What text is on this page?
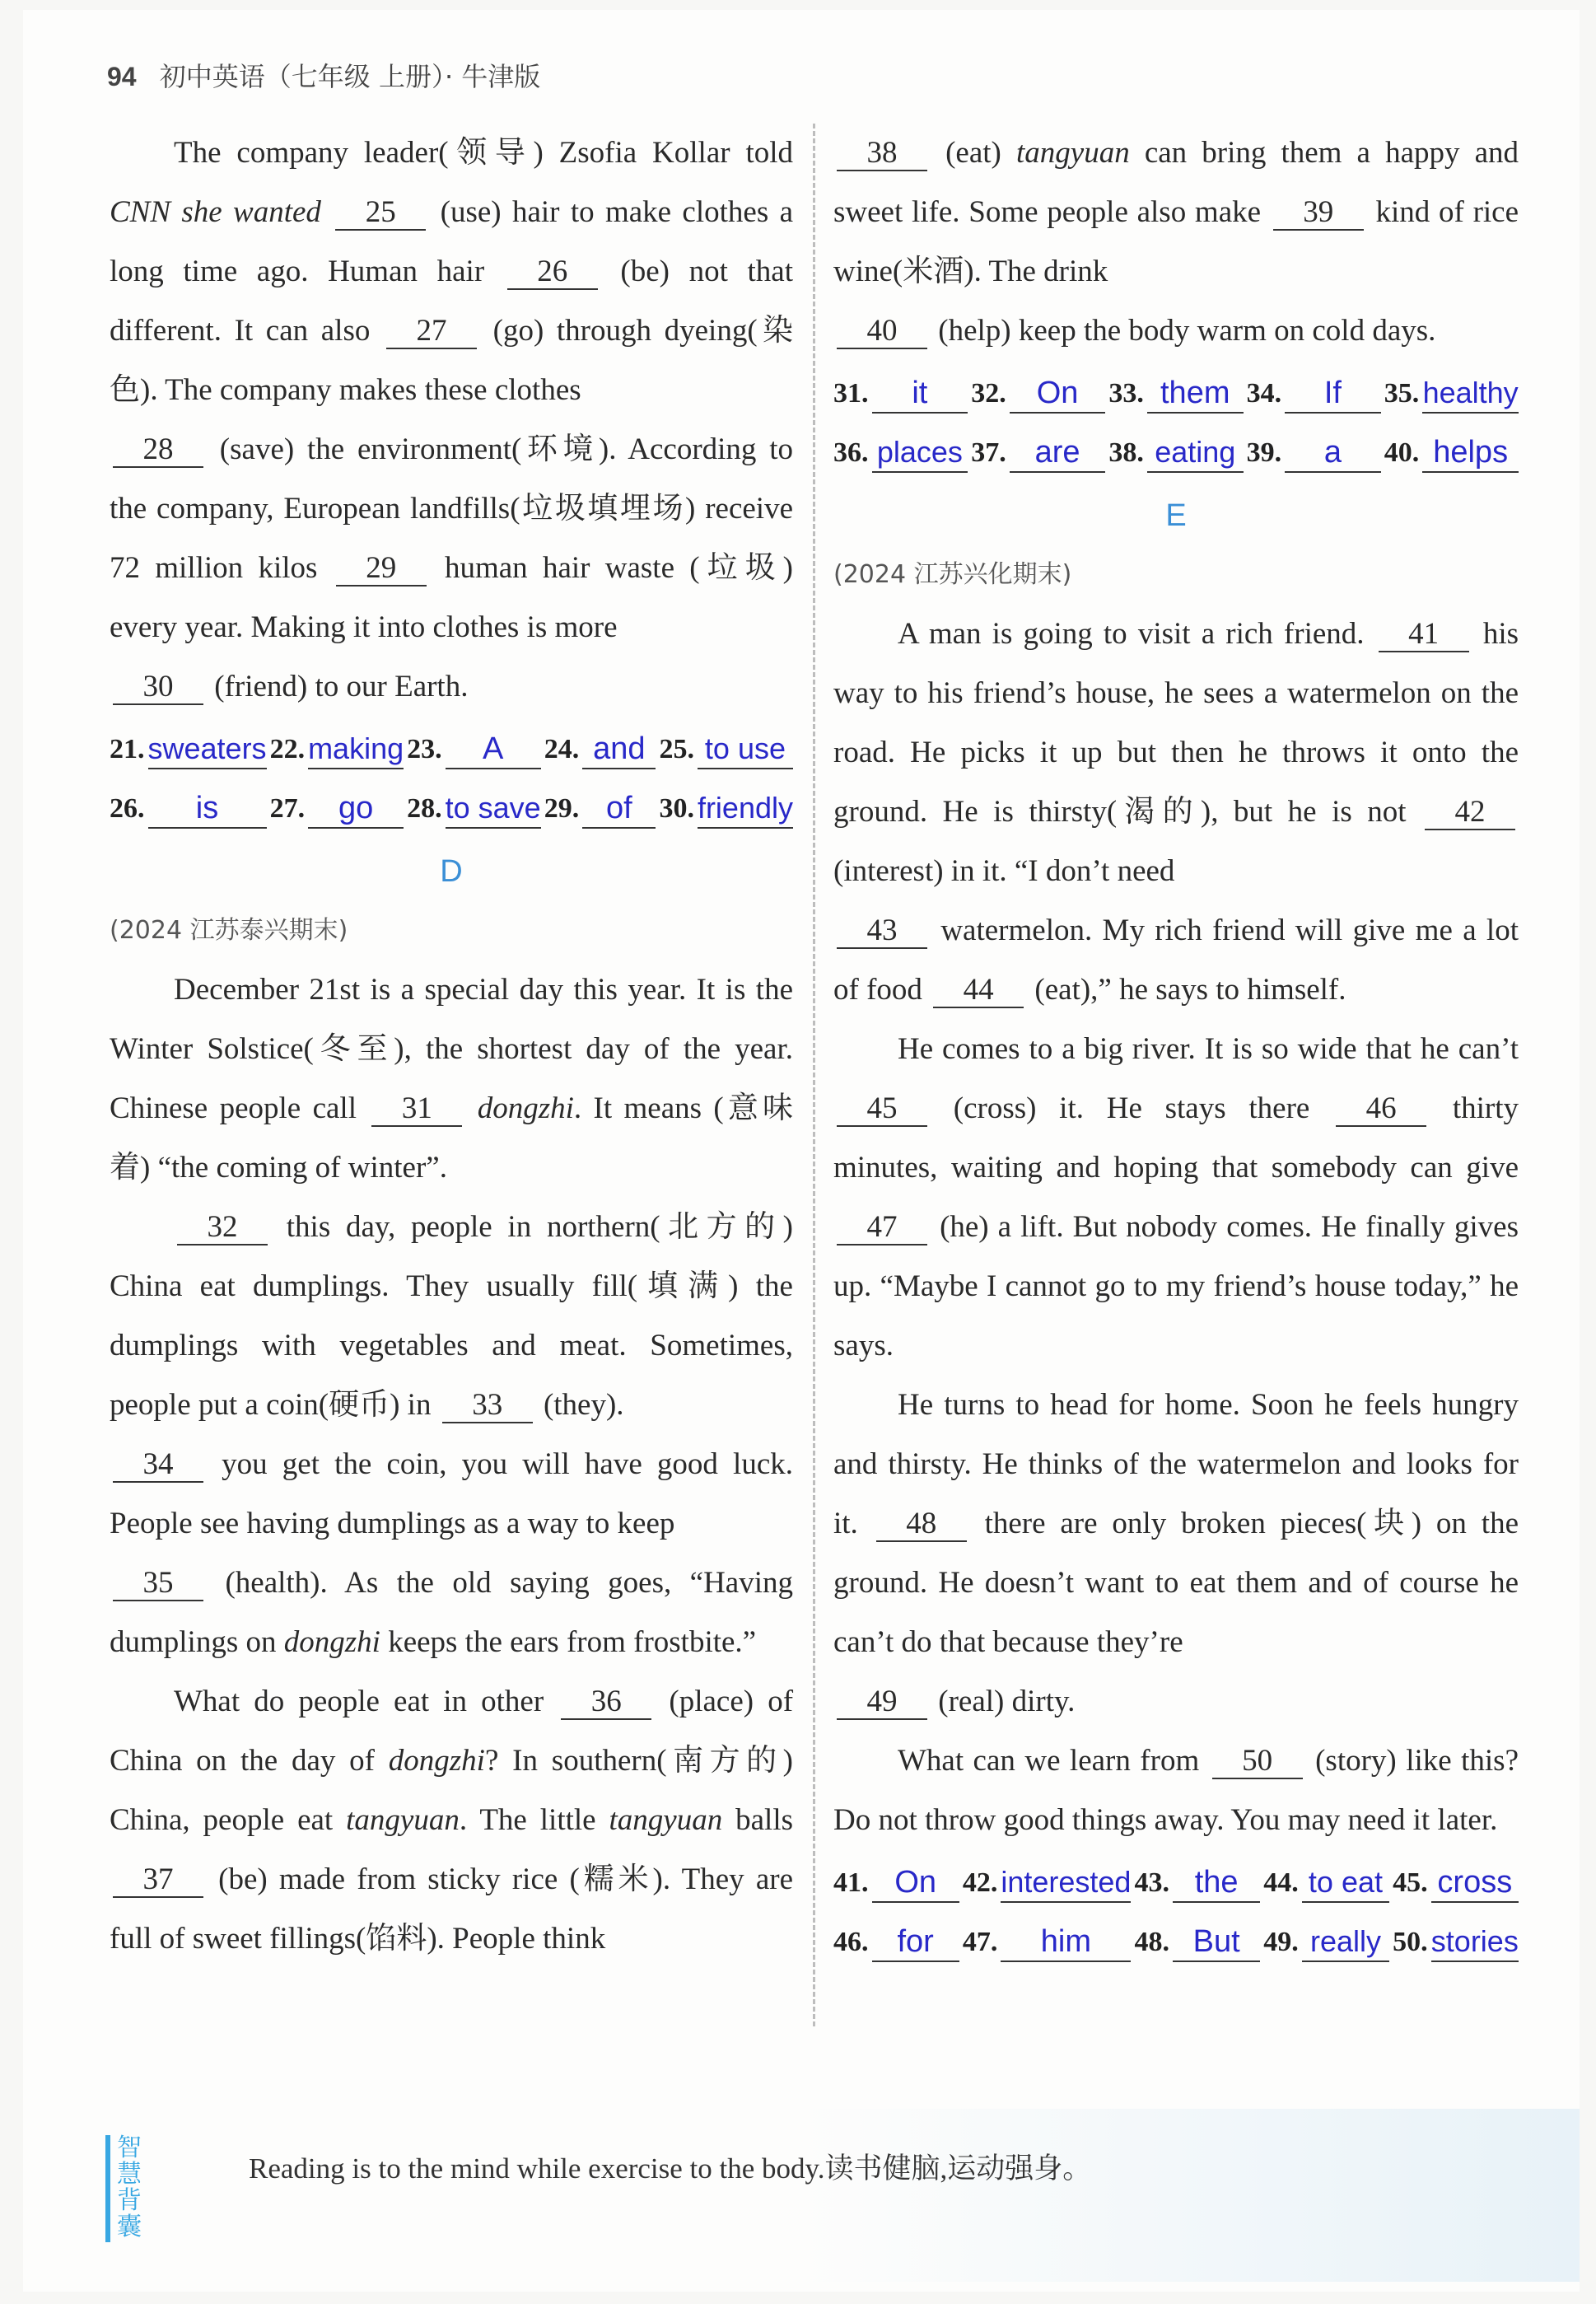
94 初中英语（七年级 上册）· 牛津版

The company leader(领导) Zsofia Kollar told CNN she wanted 25 (use) hair to make clothes a long time ago. Human hair 26 (be) not that different. It can also 27 (go) through dyeing(染色). The company makes these clothes
28 (save) the environment(环境). According to the company, European landfills(垃圾填埋场) receive 72 million kilos 29 human hair waste (垃圾) every year. Making it into clothes is more
30 (friend) to our Earth.

21. sweaters 22. making 23.	A	24. and 25. to use
26.	is	27.	go	28. to save 29. of 30. friendly
D
(2024 江苏泰兴期末)

December 21st is a special day this year. It is the Winter Solstice(冬至), the shortest day of the year. Chinese people call 31 dongzhi. It means (意味着) “the coming of winter”.

32 this day, people in northern(北方的) China eat dumplings. They usually fill(填满) the dumplings with vegetables and meat. Sometimes, people put a coin(硬币) in 33 (they).
34 you get the coin, you will have good luck. People see having dumplings as a way to keep
35 (health). As the old saying goes, “Having dumplings on dongzhi keeps the ears from frostbite.”

What do people eat in other 36 (place) of China on the day of dongzhi? In southern(南方的) China, people eat tangyuan. The little tangyuan balls 37 (be) made from sticky rice (糯米). They are full of sweet fillings(馅料). People think

38 (eat) tangyuan can bring them a happy and sweet life. Some people also make 39 kind of rice wine(米酒). The drink
40 (help) keep the body warm on cold days.

31.	it	32. On	33. them 34.	If	35. healthy
36. places 37. are	38. eating 39.	a	40. helps
E
(2024 江苏兴化期末)

A man is going to visit a rich friend. 41 his way to his friend’s house, he sees a watermelon on the road. He picks it up but then he throws it onto the ground. He is thirsty(渴的), but he is not 42 (interest) in it. “I don’t need
43 watermelon. My rich friend will give me a lot of food 44 (eat),” he says to himself.

He comes to a big river. It is so wide that he can’t 45 (cross) it. He stays there 46 thirty minutes, waiting and hoping that somebody can give 47 (he) a lift. But nobody comes. He finally gives up. “Maybe I cannot go to my friend’s house today,” he says.

He turns to head for home. Soon he feels hungry and thirsty. He thinks of the watermelon and looks for it. 48 there are only broken pieces(块) on the ground. He doesn’t want to eat them and of course he can’t do that because they’re
49 (real) dirty.

What can we learn from 50 (story) like this? Do not throw good things away. You may need it later.

41. On 42. interested 43. the 44. to eat 45. cross
46. for	47.	him	48. But 49. really 50. stories
智慧背囊
Reading is to the mind while exercise to the body.读书健脑,运动强身。
